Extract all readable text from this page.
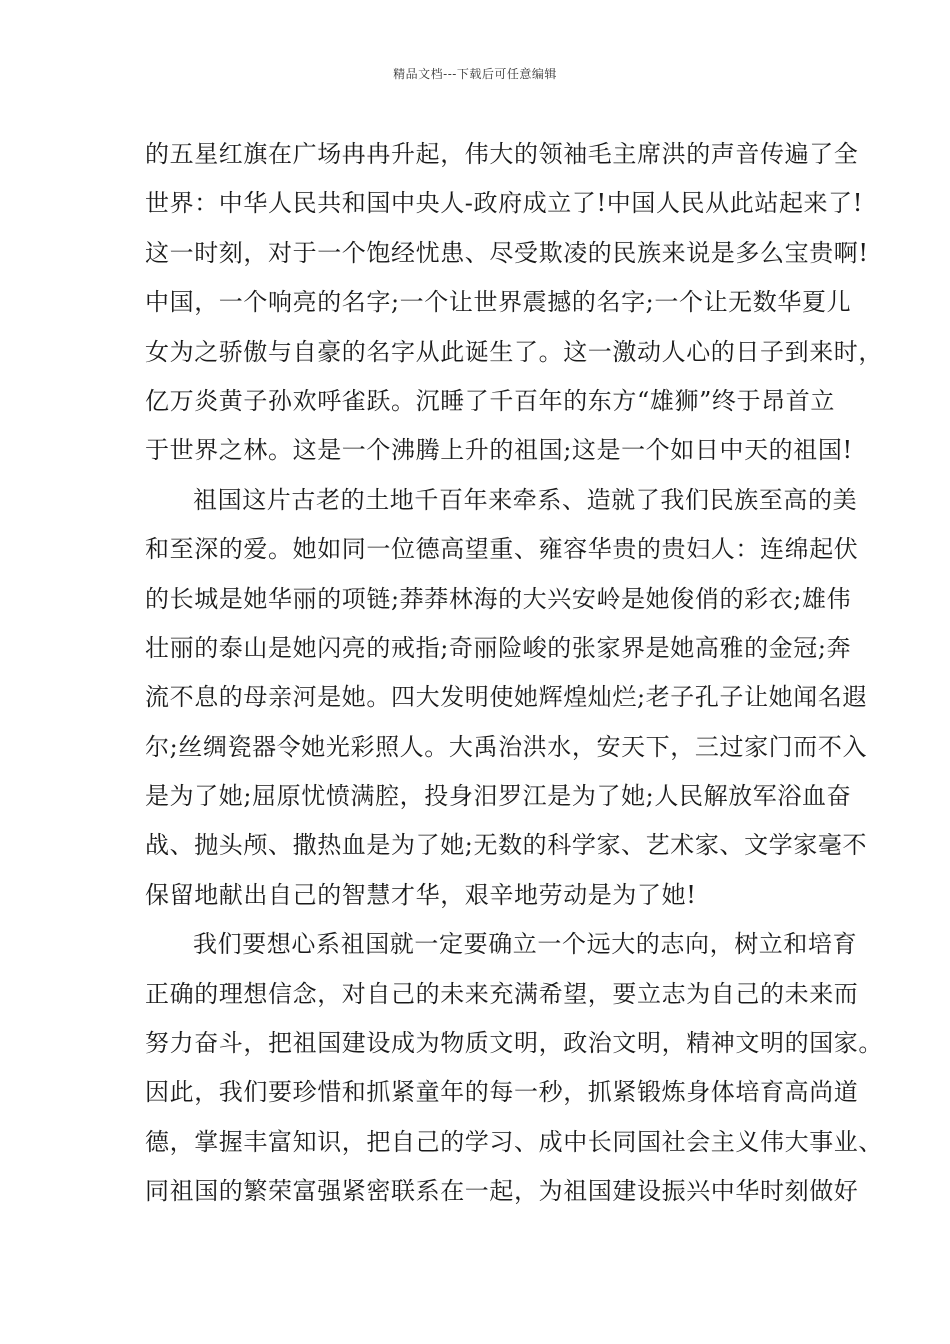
精品文档---下载后可任意编辑
的五星红旗在广场冉冉升起，伟大的领袖毛主席洪的声音传遍了全
世界：中华人民共和国中央人-政府成立了!中国人民从此站起来了!
这一时刻，对于一个饱经忧患、尽受欺凌的民族来说是多么宝贵啊!
中国，一个响亮的名字;一个让世界震撼的名字;一个让无数华夏儿
女为之骄傲与自豪的名字从此诞生了。这一激动人心的日子到来时，
亿万炎黄子孙欢呼雀跃。沉睡了千百年的东方“雄狮”终于昂首立
于世界之林。这是一个沸腾上升的祖国;这是一个如日中天的祖国!
祖国这片古老的土地千百年来牵系、造就了我们民族至高的美
和至深的爱。她如同一位德高望重、雍容华贵的贵妇人：连绵起伏
的长城是她华丽的项链;莽莽林海的大兴安岭是她俊俏的彩衣;雄伟
壮丽的泰山是她闪亮的戒指;奇丽险峻的张家界是她高雅的金冠;奔
流不息的母亲河是她。四大发明使她辉煌灿烂;老子孔子让她闻名遐
尔;丝绸瓷器令她光彩照人。大禹治洪水，安天下，三过家门而不入
是为了她;屈原忧愤满腔，投身汨罗江是为了她;人民解放军浴血奋
战、抛头颅、撒热血是为了她;无数的科学家、艺术家、文学家毫不
保留地献出自己的智慧才华，艰辛地劳动是为了她!
我们要想心系祖国就一定要确立一个远大的志向，树立和培育
正确的理想信念，对自己的未来充满希望，要立志为自己的未来而
努力奋斗，把祖国建设成为物质文明，政治文明，精神文明的国家。
因此，我们要珍惜和抓紧童年的每一秒，抓紧锻炼身体培育高尚道
德，掌握丰富知识，把自己的学习、成中长同国社会主义伟大事业、
同祖国的繁荣富强紧密联系在一起，为祖国建设振兴中华时刻做好
